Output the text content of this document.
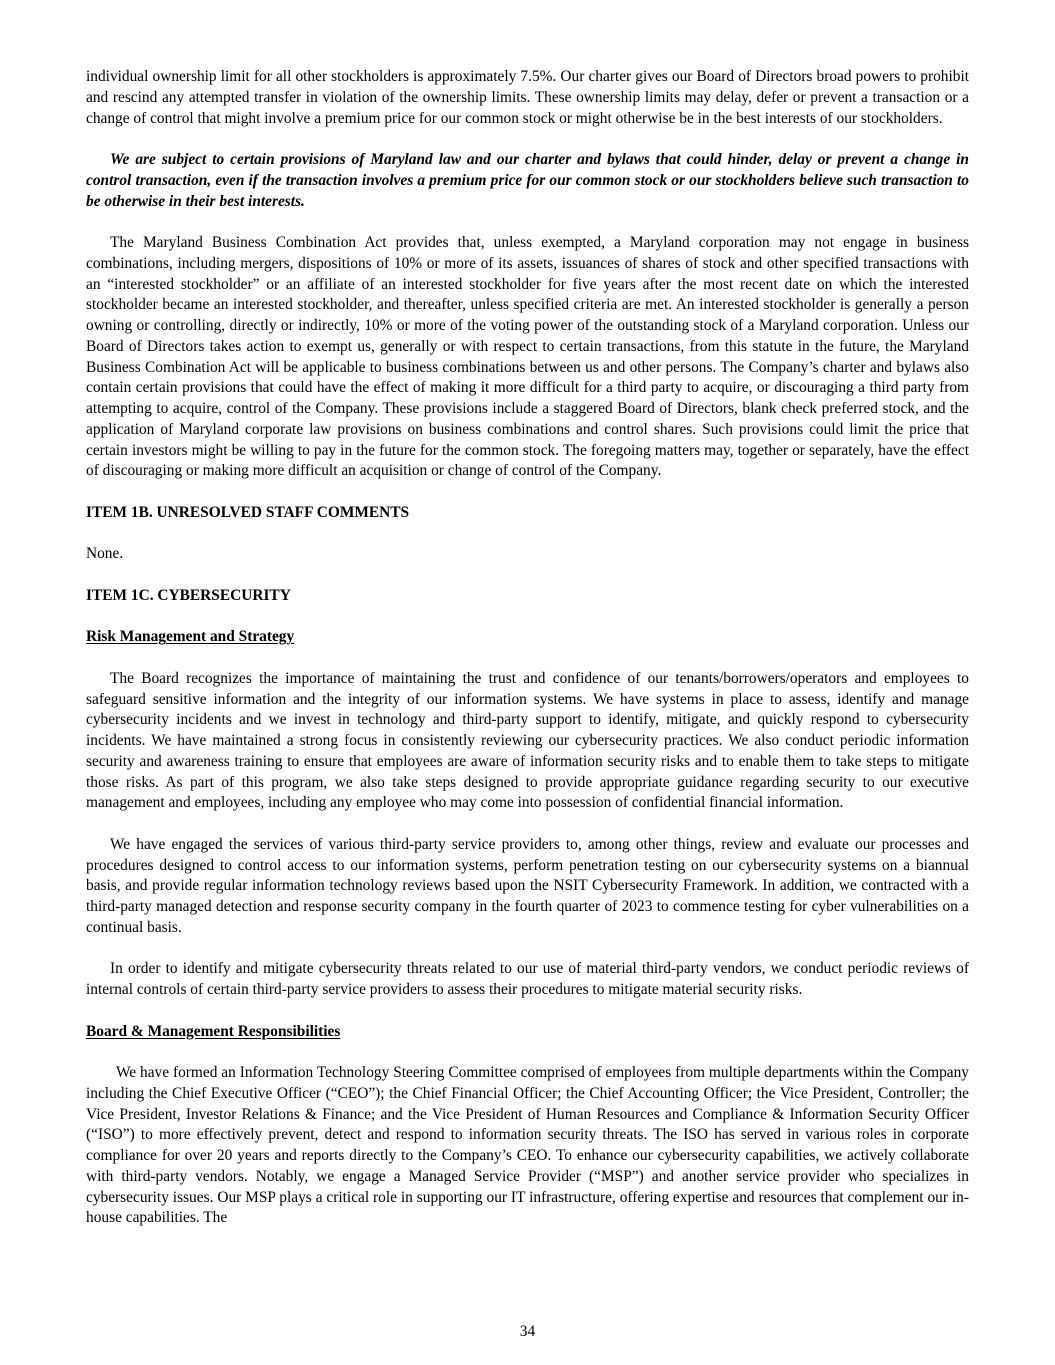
individual ownership limit for all other stockholders is approximately 7.5%. Our charter gives our Board of Directors broad powers to prohibit and rescind any attempted transfer in violation of the ownership limits. These ownership limits may delay, defer or prevent a transaction or a change of control that might involve a premium price for our common stock or might otherwise be in the best interests of our stockholders.

We are subject to certain provisions of Maryland law and our charter and bylaws that could hinder, delay or prevent a change in control transaction, even if the transaction involves a premium price for our common stock or our stockholders believe such transaction to be otherwise in their best interests.

The Maryland Business Combination Act provides that, unless exempted, a Maryland corporation may not engage in business combinations, including mergers, dispositions of 10% or more of its assets, issuances of shares of stock and other specified transactions with an “interested stockholder” or an affiliate of an interested stockholder for five years after the most recent date on which the interested stockholder became an interested stockholder, and thereafter, unless specified criteria are met. An interested stockholder is generally a person owning or controlling, directly or indirectly, 10% or more of the voting power of the outstanding stock of a Maryland corporation. Unless our Board of Directors takes action to exempt us, generally or with respect to certain transactions, from this statute in the future, the Maryland Business Combination Act will be applicable to business combinations between us and other persons. The Company’s charter and bylaws also contain certain provisions that could have the effect of making it more difficult for a third party to acquire, or discouraging a third party from attempting to acquire, control of the Company. These provisions include a staggered Board of Directors, blank check preferred stock, and the application of Maryland corporate law provisions on business combinations and control shares. Such provisions could limit the price that certain investors might be willing to pay in the future for the common stock. The foregoing matters may, together or separately, have the effect of discouraging or making more difficult an acquisition or change of control of the Company.

ITEM 1B. UNRESOLVED STAFF COMMENTS

None.

ITEM 1C. CYBERSECURITY

Risk Management and Strategy

The Board recognizes the importance of maintaining the trust and confidence of our tenants/borrowers/operators and employees to safeguard sensitive information and the integrity of our information systems. We have systems in place to assess, identify and manage cybersecurity incidents and we invest in technology and third-party support to identify, mitigate, and quickly respond to cybersecurity incidents. We have maintained a strong focus in consistently reviewing our cybersecurity practices. We also conduct periodic information security and awareness training to ensure that employees are aware of information security risks and to enable them to take steps to mitigate those risks. As part of this program, we also take steps designed to provide appropriate guidance regarding security to our executive management and employees, including any employee who may come into possession of confidential financial information.

We have engaged the services of various third-party service providers to, among other things, review and evaluate our processes and procedures designed to control access to our information systems, perform penetration testing on our cybersecurity systems on a biannual basis, and provide regular information technology reviews based upon the NSIT Cybersecurity Framework. In addition, we contracted with a third-party managed detection and response security company in the fourth quarter of 2023 to commence testing for cyber vulnerabilities on a continual basis.

In order to identify and mitigate cybersecurity threats related to our use of material third-party vendors, we conduct periodic reviews of internal controls of certain third-party service providers to assess their procedures to mitigate material security risks.

Board & Management Responsibilities

We have formed an Information Technology Steering Committee comprised of employees from multiple departments within the Company including the Chief Executive Officer (“CEO”); the Chief Financial Officer; the Chief Accounting Officer; the Vice President, Controller; the Vice President, Investor Relations & Finance; and the Vice President of Human Resources and Compliance & Information Security Officer (“ISO”) to more effectively prevent, detect and respond to information security threats. The ISO has served in various roles in corporate compliance for over 20 years and reports directly to the Company’s CEO. To enhance our cybersecurity capabilities, we actively collaborate with third-party vendors. Notably, we engage a Managed Service Provider (“MSP”) and another service provider who specializes in cybersecurity issues. Our MSP plays a critical role in supporting our IT infrastructure, offering expertise and resources that complement our in-house capabilities. The

34
